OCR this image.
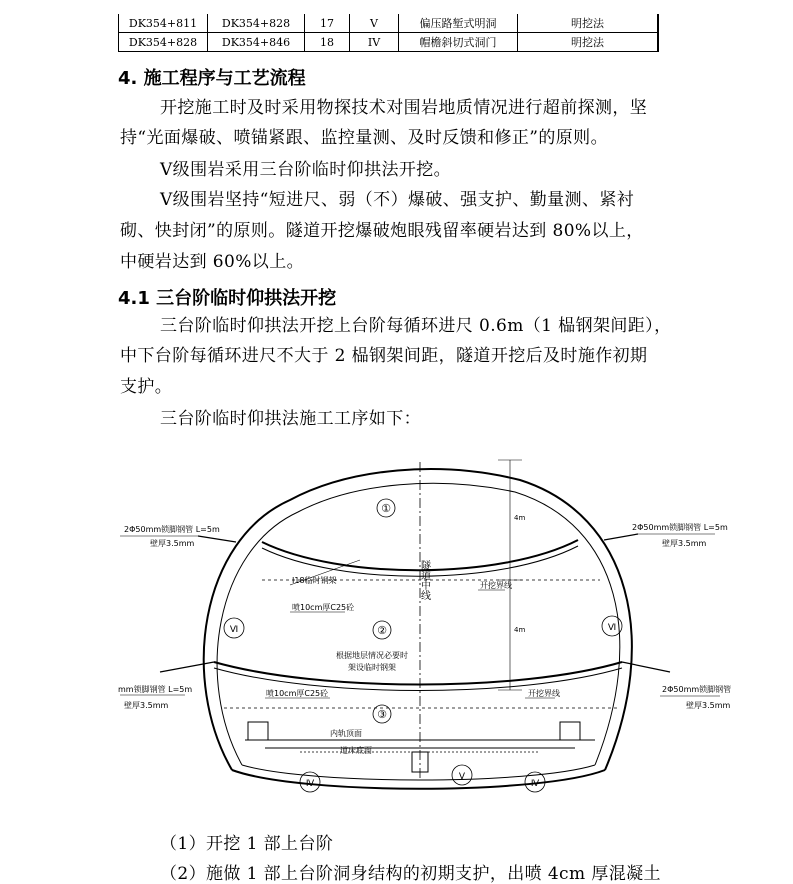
DK354+811	DK354+828	17	V	偏压路堑式明洞	明挖法
DK354+828	DK354+846	18	IV	帽檐斜切式洞门	明挖法
4. 施工程序与工艺流程
开挖施工时及时采用物探技术对围岩地质情况进行超前探测，坚
持“光面爆破、喷锚紧跟、监控量测、及时反馈和修正”的原则。
Ⅴ级围岩采用三台阶临时仰拱法开挖。
Ⅴ级围岩坚持“短进尺、弱（不）爆破、强支护、勤量测、紧衬
砌、快封闭”的原则。隧道开挖爆破炮眼残留率硬岩达到 80%以上，
中硬岩达到 60%以上。
4.1 三台阶临时仰拱法开挖
三台阶临时仰拱法开挖上台阶每循环进尺 0.6m（1 榀钢架间距），
中下台阶每循环进尺不大于 2 榀钢架间距，隧道开挖后及时施作初期
支护。
三台阶临时仰拱法施工工序如下：
①
②
③
Ⅵ	Ⅵ
Ⅳ
Ⅴ
Ⅳ
2Φ50mm锁脚钢管 L=5m
壁厚3.5mm
2Φ50mm锁脚钢管 L=5m
壁厚3.5mm
mm锁脚钢管 L=5m
壁厚3.5mm
2Φ50mm锁脚钢管
壁厚3.5mm
I18临时钢架
喷10cm厚C25砼
喷10cm厚C25砼
根据地层情况必要时
架设临时钢架
开挖界线
开挖界线
内轨顶面
道床底面
4m
4m
隧道中线
（1）开挖 1 部上台阶
（2）施做 1 部上台阶洞身结构的初期支护，出喷 4cm 厚混凝土
